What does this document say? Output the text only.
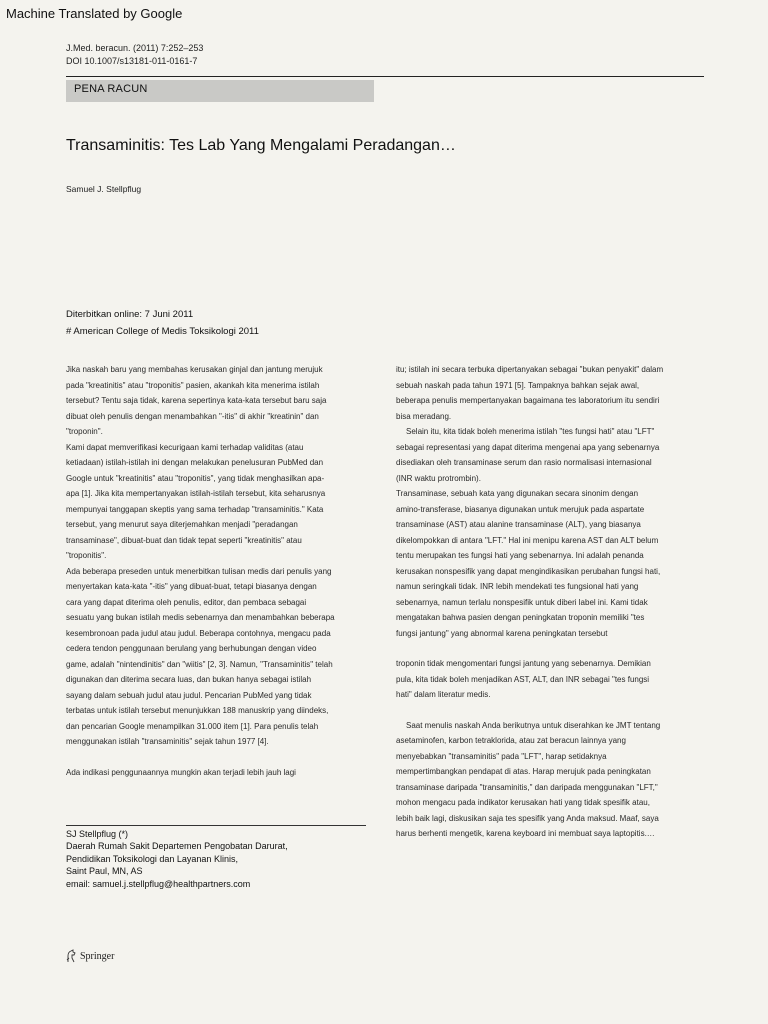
Machine Translated by Google
J.Med. beracun. (2011) 7:252–253
DOI 10.1007/s13181-011-0161-7
PENA RACUN
Transaminitis: Tes Lab Yang Mengalami Peradangan…
Samuel J. Stellpflug
Diterbitkan online: 7 Juni 2011
# American College of Medis Toksikologi 2011

Jika naskah baru yang membahas kerusakan ginjal dan jantung merujuk

pada "kreatinitis" atau "troponitis" pasien, akankah kita menerima istilah

tersebut? Tentu saja tidak, karena sepertinya kata-kata tersebut baru saja

dibuat oleh penulis dengan menambahkan "-itis" di akhir "kreatinin" dan

"troponin".

Kami dapat memverifikasi kecurigaan kami terhadap validitas (atau

ketiadaan) istilah-istilah ini dengan melakukan penelusuran PubMed dan

Google untuk "kreatinitis" atau "troponitis", yang tidak menghasilkan apa-

apa [1]. Jika kita mempertanyakan istilah-istilah tersebut, kita seharusnya

mempunyai tanggapan skeptis yang sama terhadap "transaminitis." Kata

tersebut, yang menurut saya diterjemahkan menjadi "peradangan

transaminase", dibuat-buat dan tidak tepat seperti "kreatinitis" atau

"troponitis".

Ada beberapa preseden untuk menerbitkan tulisan medis dari penulis yang

menyertakan kata-kata "-itis" yang dibuat-buat, tetapi biasanya dengan

cara yang dapat diterima oleh penulis, editor, dan pembaca sebagai

sesuatu yang bukan istilah medis sebenarnya dan menambahkan beberapa

kesembronoan pada judul atau judul. Beberapa contohnya, mengacu pada

cedera tendon penggunaan berulang yang berhubungan dengan video

game, adalah "nintendinitis" dan "wiitis" [2, 3]. Namun, "Transaminitis" telah

digunakan dan diterima secara luas, dan bukan hanya sebagai istilah

sayang dalam sebuah judul atau judul. Pencarian PubMed yang tidak

terbatas untuk istilah tersebut menunjukkan 188 manuskrip yang diindeks,

dan pencarian Google menampilkan 31.000 item [1]. Para penulis telah

menggunakan istilah "transaminitis" sejak tahun 1977 [4].

Ada indikasi penggunaannya mungkin akan terjadi lebih jauh lagi

itu; istilah ini secara terbuka dipertanyakan sebagai "bukan penyakit" dalam

sebuah naskah pada tahun 1971 [5]. Tampaknya bahkan sejak awal,

beberapa penulis mempertanyakan bagaimana tes laboratorium itu sendiri

bisa meradang.

Selain itu, kita tidak boleh menerima istilah "tes fungsi hati" atau "LFT"

sebagai representasi yang dapat diterima mengenai apa yang sebenarnya

disediakan oleh transaminase serum dan rasio normalisasi internasional

(INR waktu protrombin).

Transaminase, sebuah kata yang digunakan secara sinonim dengan

amino-transferase, biasanya digunakan untuk merujuk pada aspartate

transaminase (AST) atau alanine transaminase (ALT), yang biasanya

dikelompokkan di antara "LFT." Hal ini menipu karena AST dan ALT belum

tentu merupakan tes fungsi hati yang sebenarnya. Ini adalah penanda

kerusakan nonspesifik yang dapat mengindikasikan perubahan fungsi hati,

namun seringkali tidak. INR lebih mendekati tes fungsional hati yang

sebenarnya, namun terlalu nonspesifik untuk diberi label ini. Kami tidak

mengatakan bahwa pasien dengan peningkatan troponin memiliki "tes

fungsi jantung" yang abnormal karena peningkatan tersebut

troponin tidak mengomentari fungsi jantung yang sebenarnya. Demikian

pula, kita tidak boleh menjadikan AST, ALT, dan INR sebagai "tes fungsi

hati" dalam literatur medis.

Saat menulis naskah Anda berikutnya untuk diserahkan ke JMT tentang

asetaminofen, karbon tetraklorida, atau zat beracun lainnya yang

menyebabkan "transaminitis" pada "LFT", harap setidaknya

mempertimbangkan pendapat di atas. Harap merujuk pada peningkatan

transaminase daripada "transaminitis," dan daripada menggunakan "LFT,"

mohon mengacu pada indikator kerusakan hati yang tidak spesifik atau,

lebih baik lagi, diskusikan saja tes spesifik yang Anda maksud. Maaf, saya

harus berhenti mengetik, karena keyboard ini membuat saya laptopitis.…

SJ Stellpflug (*)
Daerah Rumah Sakit Departemen Pengobatan Darurat,
Pendidikan Toksikologi dan Layanan Klinis,
Saint Paul, MN, AS
email: samuel.j.stellpflug@healthpartners.com
Springer
